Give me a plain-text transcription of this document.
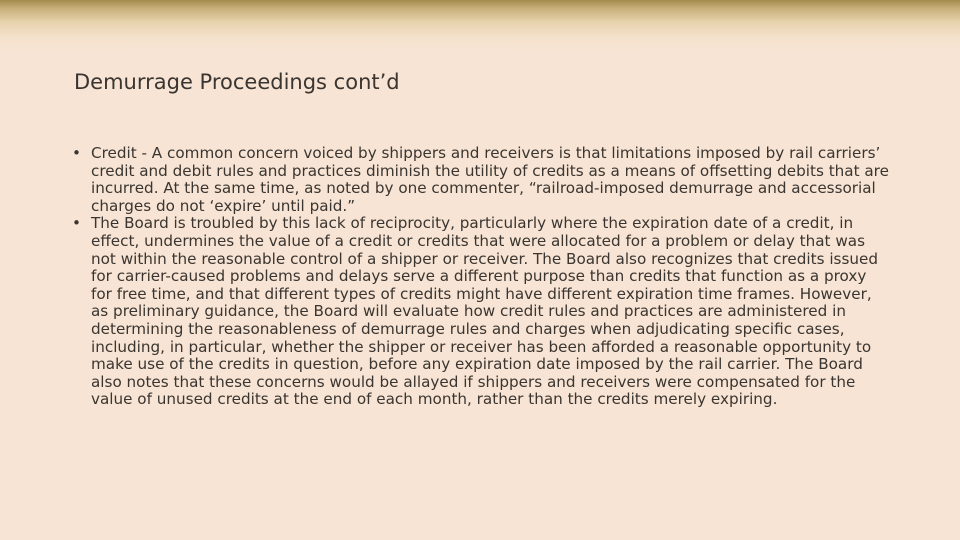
Demurrage Proceedings cont’d
• Credit - A common concern voiced by shippers and receivers is that limitations imposed by rail carriers’ credit and debit rules and practices diminish the utility of credits as a means of offsetting debits that are incurred. At the same time, as noted by one commenter, “railroad-imposed demurrage and accessorial charges do not ‘expire’ until paid.”
• The Board is troubled by this lack of reciprocity, particularly where the expiration date of a credit, in effect, undermines the value of a credit or credits that were allocated for a problem or delay that was not within the reasonable control of a shipper or receiver. The Board also recognizes that credits issued for carrier-caused problems and delays serve a different purpose than credits that function as a proxy for free time, and that different types of credits might have different expiration time frames. However, as preliminary guidance, the Board will evaluate how credit rules and practices are administered in determining the reasonableness of demurrage rules and charges when adjudicating specific cases, including, in particular, whether the shipper or receiver has been afforded a reasonable opportunity to make use of the credits in question, before any expiration date imposed by the rail carrier. The Board also notes that these concerns would be allayed if shippers and receivers were compensated for the value of unused credits at the end of each month, rather than the credits merely expiring.
